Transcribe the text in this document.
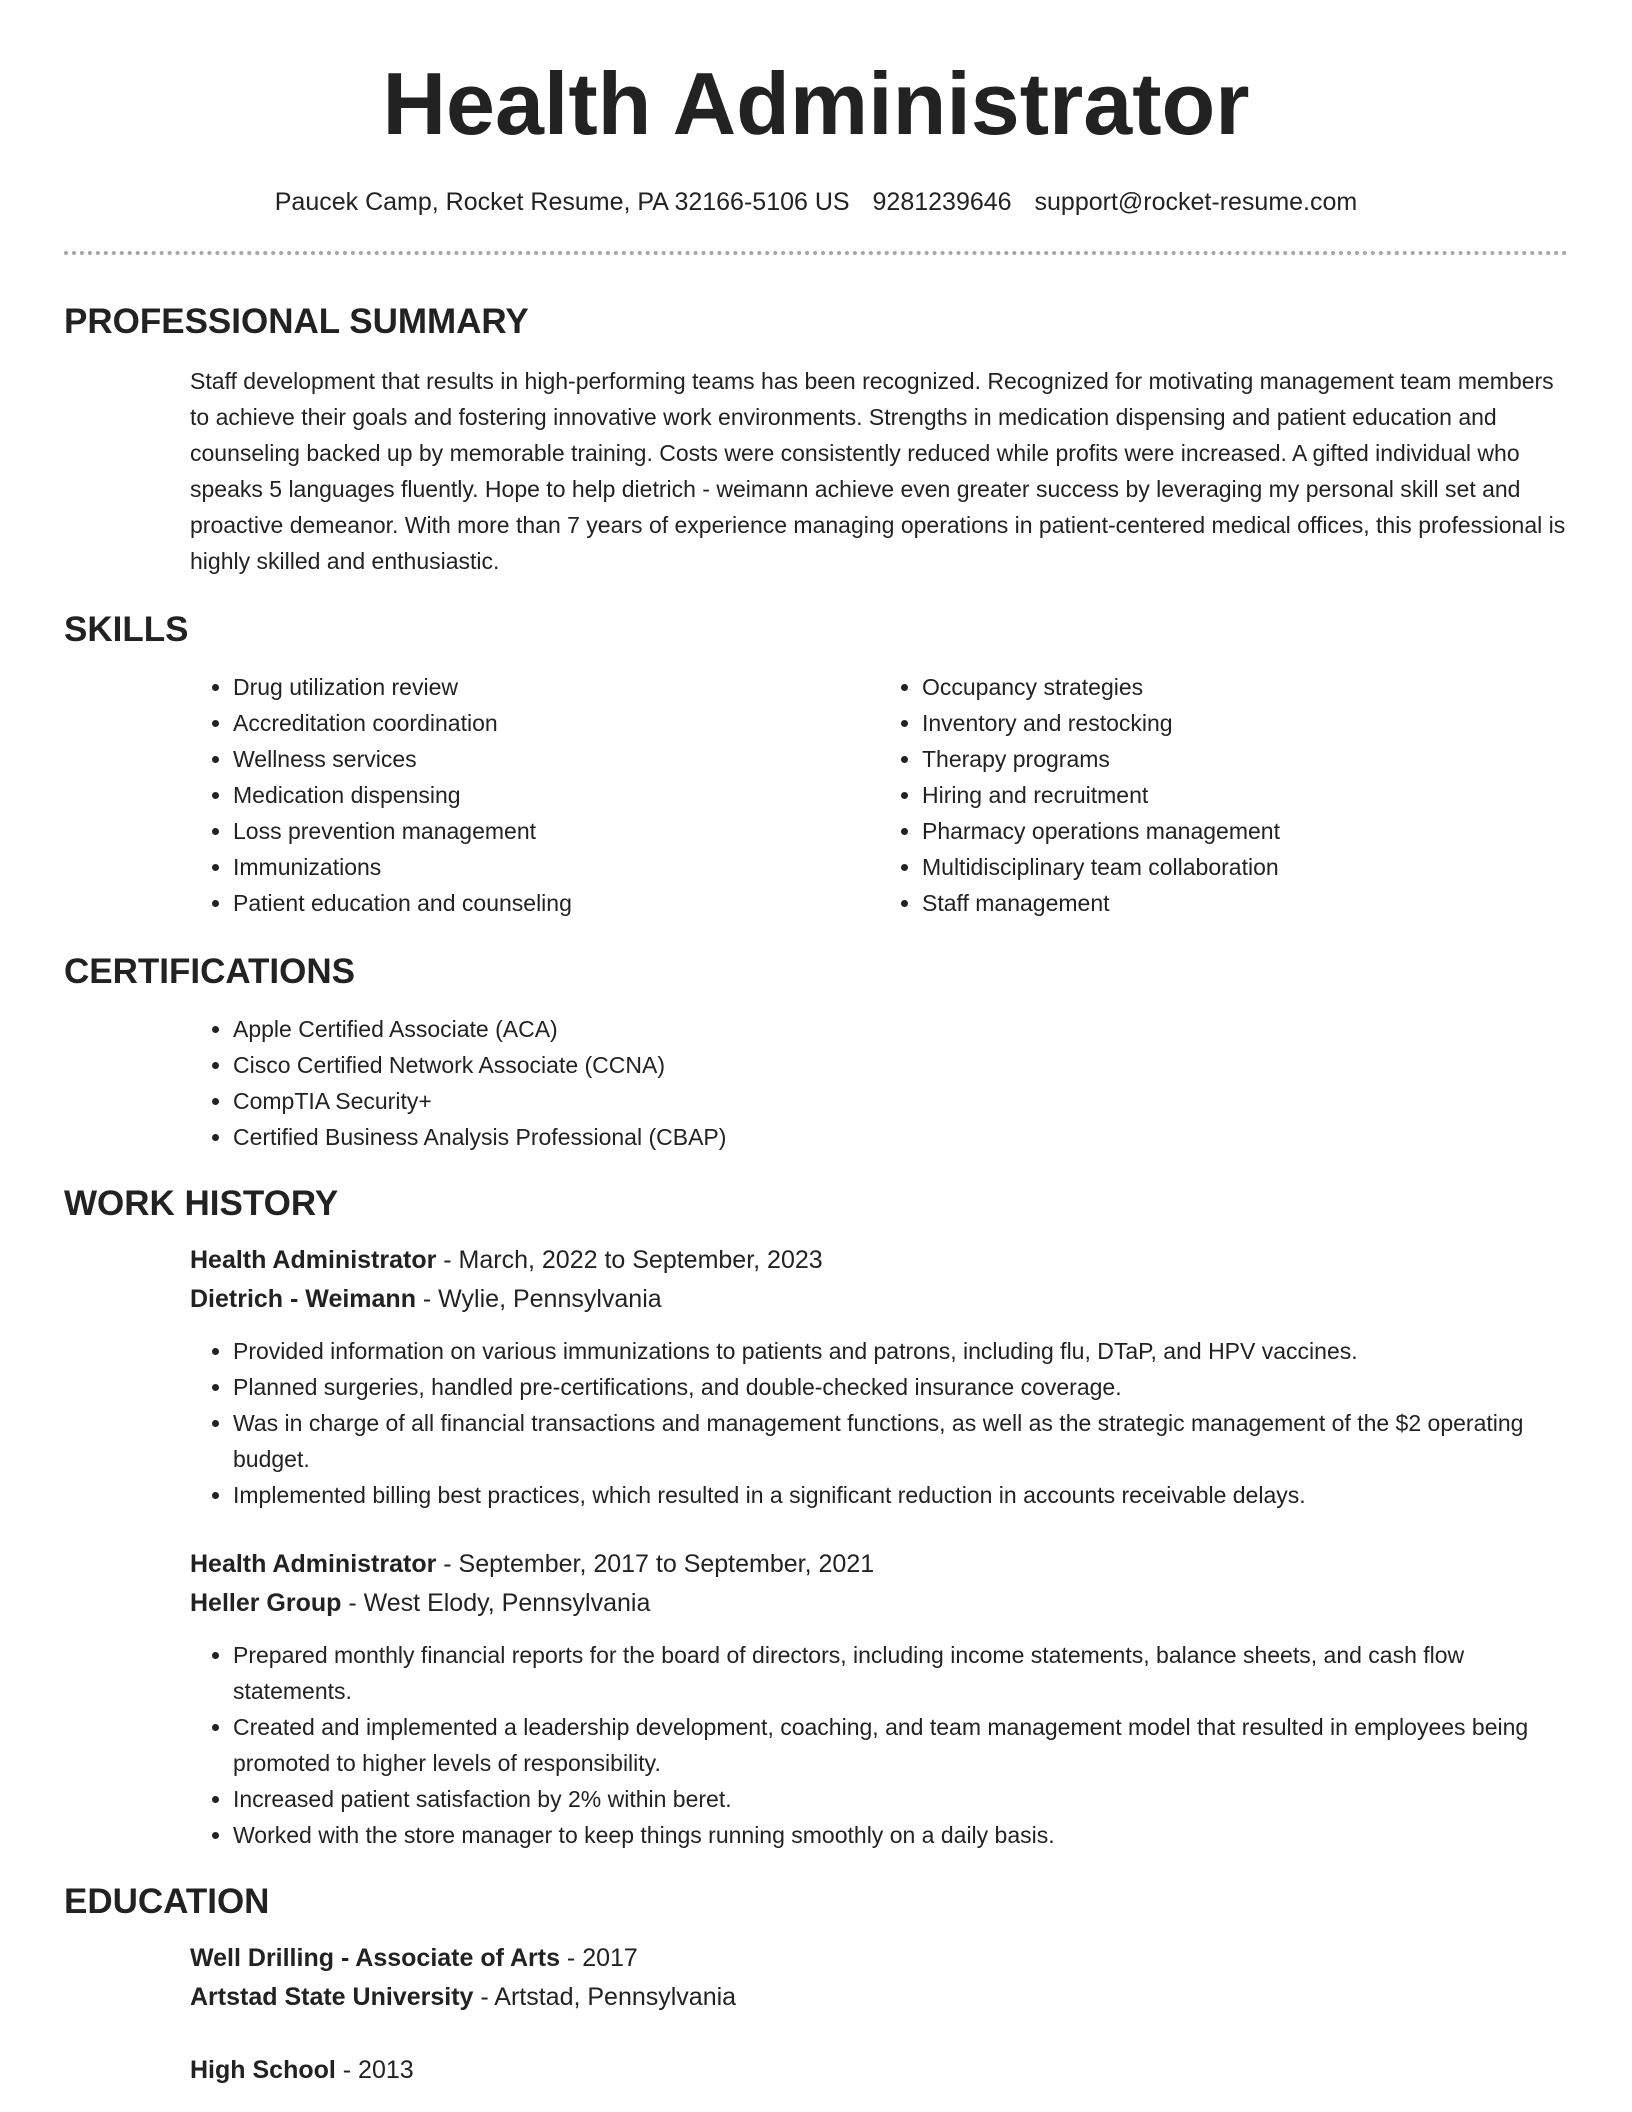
Health Administrator
Paucek Camp, Rocket Resume, PA 32166-5106 US 9281239646 support@rocket-resume.com
PROFESSIONAL SUMMARY
Staff development that results in high-performing teams has been recognized. Recognized for motivating management team members to achieve their goals and fostering innovative work environments. Strengths in medication dispensing and patient education and counseling backed up by memorable training. Costs were consistently reduced while profits were increased. A gifted individual who speaks 5 languages fluently. Hope to help dietrich - weimann achieve even greater success by leveraging my personal skill set and proactive demeanor. With more than 7 years of experience managing operations in patient-centered medical offices, this professional is highly skilled and enthusiastic.
SKILLS
• Drug utilization review
• Accreditation coordination
• Wellness services
• Medication dispensing
• Loss prevention management
• Immunizations
• Patient education and counseling
• Occupancy strategies
• Inventory and restocking
• Therapy programs
• Hiring and recruitment
• Pharmacy operations management
• Multidisciplinary team collaboration
• Staff management
CERTIFICATIONS
• Apple Certified Associate (ACA)
• Cisco Certified Network Associate (CCNA)
• CompTIA Security+
• Certified Business Analysis Professional (CBAP)
WORK HISTORY
Health Administrator - March, 2022 to September, 2023
Dietrich - Weimann - Wylie, Pennsylvania
• Provided information on various immunizations to patients and patrons, including flu, DTaP, and HPV vaccines.
• Planned surgeries, handled pre-certifications, and double-checked insurance coverage.
• Was in charge of all financial transactions and management functions, as well as the strategic management of the $2 operating budget.
• Implemented billing best practices, which resulted in a significant reduction in accounts receivable delays.
Health Administrator - September, 2017 to September, 2021
Heller Group - West Elody, Pennsylvania
• Prepared monthly financial reports for the board of directors, including income statements, balance sheets, and cash flow statements.
• Created and implemented a leadership development, coaching, and team management model that resulted in employees being promoted to higher levels of responsibility.
• Increased patient satisfaction by 2% within beret.
• Worked with the store manager to keep things running smoothly on a daily basis.
EDUCATION
Well Drilling - Associate of Arts - 2017
Artstad State University - Artstad, Pennsylvania
High School - 2013
